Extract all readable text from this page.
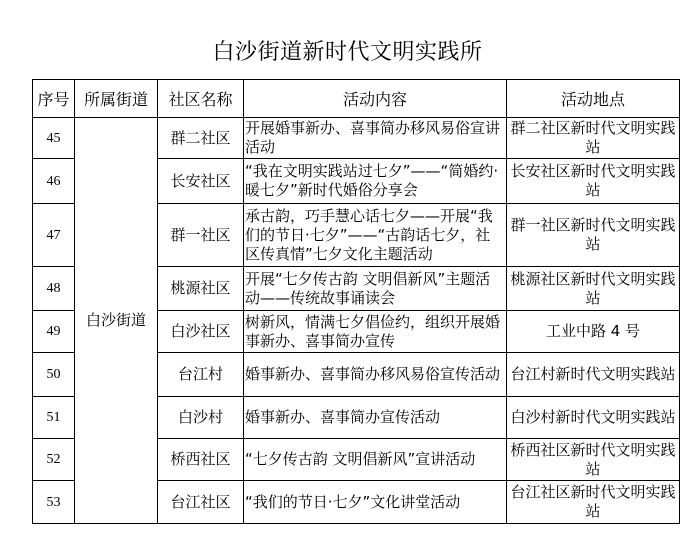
白沙街道新时代文明实践所
序号	所属街道	社区名称	活动内容	活动地点
45	白沙街道	群二社区	开展婚事新办、喜事简办移风易俗宣讲活动	群二社区新时代文明实践站
46		长安社区	“我在文明实践站过七夕”——“简婚约·暖七夕”新时代婚俗分享会	长安社区新时代文明实践站
47		群一社区	承古韵，巧手慧心话七夕——开展“我们的节日·七夕”——“古韵话七夕，社区传真情”七夕文化主题活动	群一社区新时代文明实践站
48		桃源社区	开展“七夕传古韵 文明倡新风”主题活动——传统故事诵读会	桃源社区新时代文明实践站
49		白沙社区	树新风，情满七夕倡俭约，组织开展婚事新办、喜事简办宣传	工业中路 4 号
50		台江村	婚事新办、喜事简办移风易俗宣传活动	台江村新时代文明实践站
51		白沙村	婚事新办、喜事简办宣传活动	白沙村新时代文明实践站
52		桥西社区	“七夕传古韵 文明倡新风”宣讲活动	桥西社区新时代文明实践站
53		台江社区	“我们的节日·七夕”文化讲堂活动	台江社区新时代文明实践站
